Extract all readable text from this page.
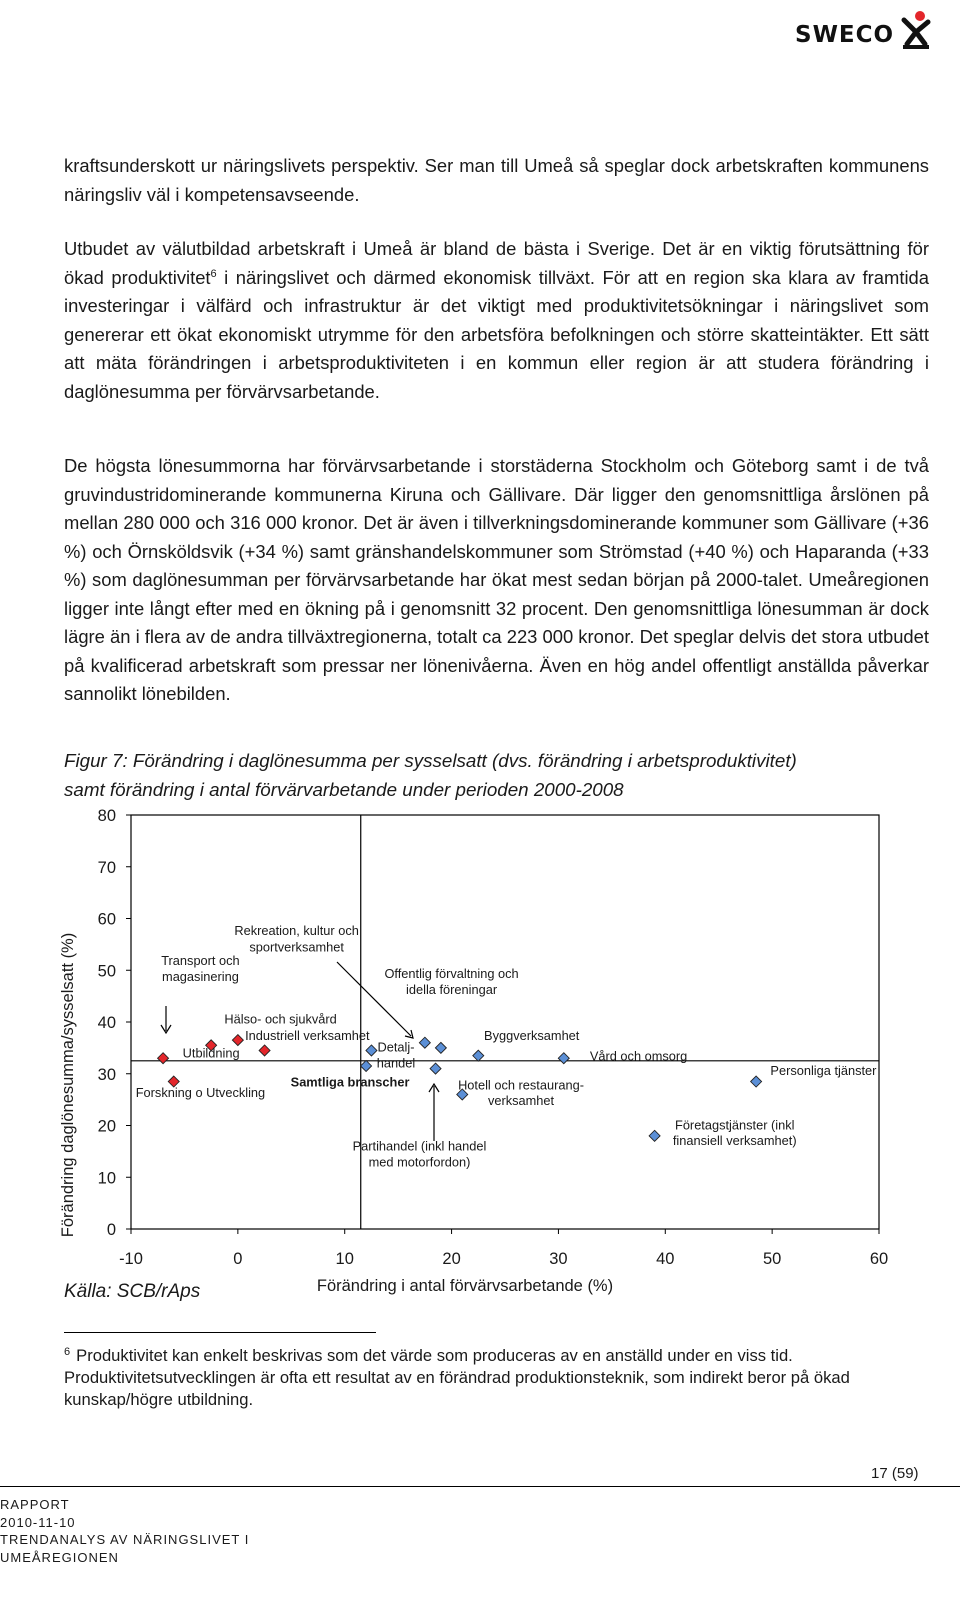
SWECO

kraftsunderskott ur näringslivets perspektiv. Ser man till Umeå så speglar dock arbetskraften kommunens näringsliv väl i kompetensavseende.

Utbudet av välutbildad arbetskraft i Umeå är bland de bästa i Sverige. Det är en viktig förutsättning för ökad produktivitet$^6$ i näringslivet och därmed ekonomisk tillväxt. För att en region ska klara av framtida investeringar i välfärd och infrastruktur är det viktigt med produktivitetsökningar i näringslivet som genererar ett ökat ekonomiskt utrymme för den arbetsföra befolkningen och större skatteintäkter. Ett sätt att mäta förändringen i arbetsproduktiviteten i en kommun eller region är att studera förändring i daglönesumma per förvärvsarbetande.

De högsta lönesummorna har förvärvsarbetande i storstäderna Stockholm och Göteborg samt i de två gruvindustridominerande kommunerna Kiruna och Gällivare. Där ligger den genomsnittliga årslönen på mellan 280 000 och 316 000 kronor. Det är även i tillverkningsdominerande kommuner som Gällivare (+36 %) och Örnsköldsvik (+34 %) samt gränshandelskommuner som Strömstad (+40 %) och Haparanda (+33 %) som daglönesumman per förvärvsarbetande har ökat mest sedan början på 2000-talet. Umeåregionen ligger inte långt efter med en ökning på i genomsnitt 32 procent. Den genomsnittliga lönesumman är dock lägre än i flera av de andra tillväxtregionerna, totalt ca 223 000 kronor. Det speglar delvis det stora utbudet på kvalificerad arbetskraft som pressar ner lönenivåerna. Även en hög andel offentligt anställda påverkar sannolikt lönebilden.

Figur 7: Förändring i daglönesumma per sysselsatt (dvs. förändring i arbetsproduktivitet)
samt förändring i antal förvärvarbetande under perioden 2000-2008
0
10
20
30
40
50
60
70
80
-10	0	10	20	30	40	50	60
Rekreation, kultur och
sportverksamhet
Transport och
magasinering	Offentlig förvaltning och
idella föreningar
Hälso- och sjukvård
Industriell verksamhet
Detalj-
handel
Byggverksamhet
Utbildning	Vård och omsorg
Personliga tjänster
Samtliga branscher	Hotell och restaurang-
verksamhet
Forskning o Utveckling
Företagstjänster (inkl
finansiell verksamhet)
Partihandel (inkl handel
med motorfordon)
Förändring daglönesumma/sysselsatt (%)
Förändring i antal förvärvsarbetande (%)
Källa: SCB/rAps
$^6$ Produktivitet kan enkelt beskrivas som det värde som produceras av en anställd under en viss tid. Produktivitetsutvecklingen är ofta ett resultat av en förändrad produktionsteknik, som indirekt beror på ökad kunskap/högre utbildning.
17 (59)
RAPPORT
2010-11-10
TRENDANALYS AV NÄRINGSLIVET I
UMEÅREGIONEN
